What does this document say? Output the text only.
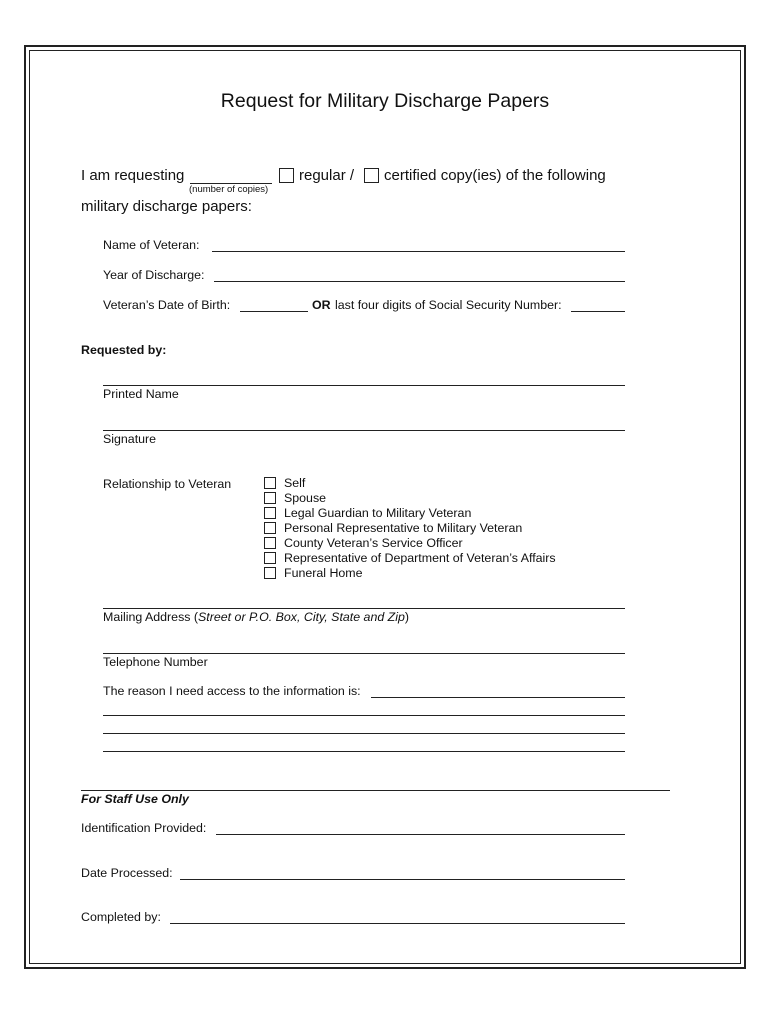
Request for Military Discharge Papers
I am requesting
(number of copies)
regular / certified copy(ies) of the following
military discharge papers:
Name of Veteran:
Year of Discharge:
Veteran’s Date of Birth:	OR last four digits of Social Security Number:
Requested by:
Printed Name
Signature
Relationship to Veteran	Self
Spouse
Legal Guardian to Military Veteran
Personal Representative to Military Veteran
County Veteran’s Service Officer
Representative of Department of Veteran’s Affairs
Funeral Home
Mailing Address (Street or P.O. Box, City, State and Zip)
Telephone Number
The reason I need access to the information is:
For Staff Use Only
Identification Provided:
Date Processed:
Completed by:
